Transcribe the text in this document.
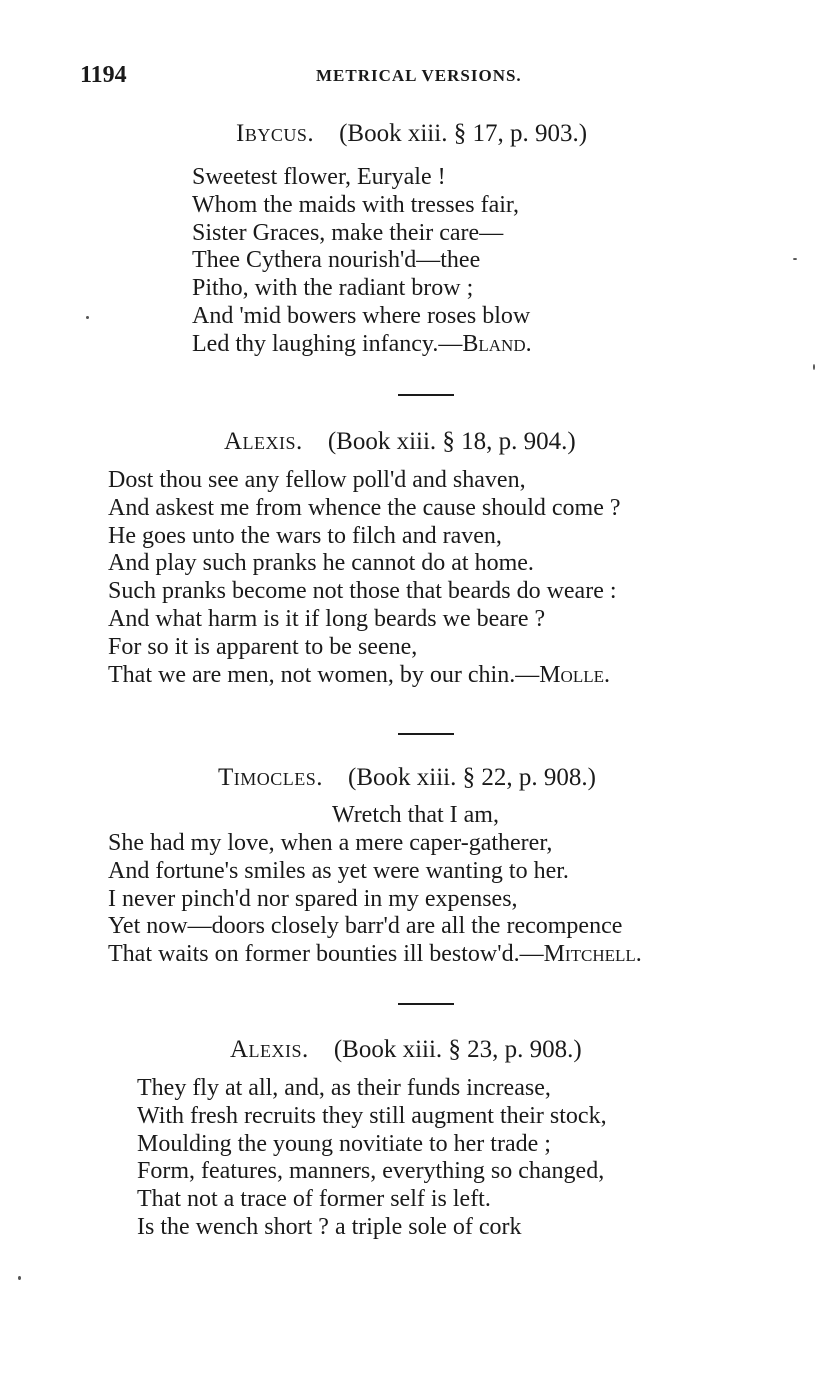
1194	METRICAL VERSIONS.
Ibycus. (Book xiii. § 17, p. 903.)
Sweetest flower, Euryale !
Whom the maids with tresses fair,
Sister Graces, make their care—
Thee Cythera nourish'd—thee
Pitho, with the radiant brow ;
And 'mid bowers where roses blow
Led thy laughing infancy.—Bland.
Alexis. (Book xiii. § 18, p. 904.)
Dost thou see any fellow poll'd and shaven,
And askest me from whence the cause should come ?
He goes unto the wars to filch and raven,
And play such pranks he cannot do at home.
Such pranks become not those that beards do weare :
And what harm is it if long beards we beare ?
For so it is apparent to be seene,
That we are men, not women, by our chin.—Molle.
Timocles. (Book xiii. § 22, p. 908.)
Wretch that I am,
She had my love, when a mere caper-gatherer,
And fortune's smiles as yet were wanting to her.
I never pinch'd nor spared in my expenses,
Yet now—doors closely barr'd are all the recompence
That waits on former bounties ill bestow'd.—Mitchell.
Alexis. (Book xiii. § 23, p. 908.)
They fly at all, and, as their funds increase,
With fresh recruits they still augment their stock,
Moulding the young novitiate to her trade ;
Form, features, manners, everything so changed,
That not a trace of former self is left.
Is the wench short ? a triple sole of cork
